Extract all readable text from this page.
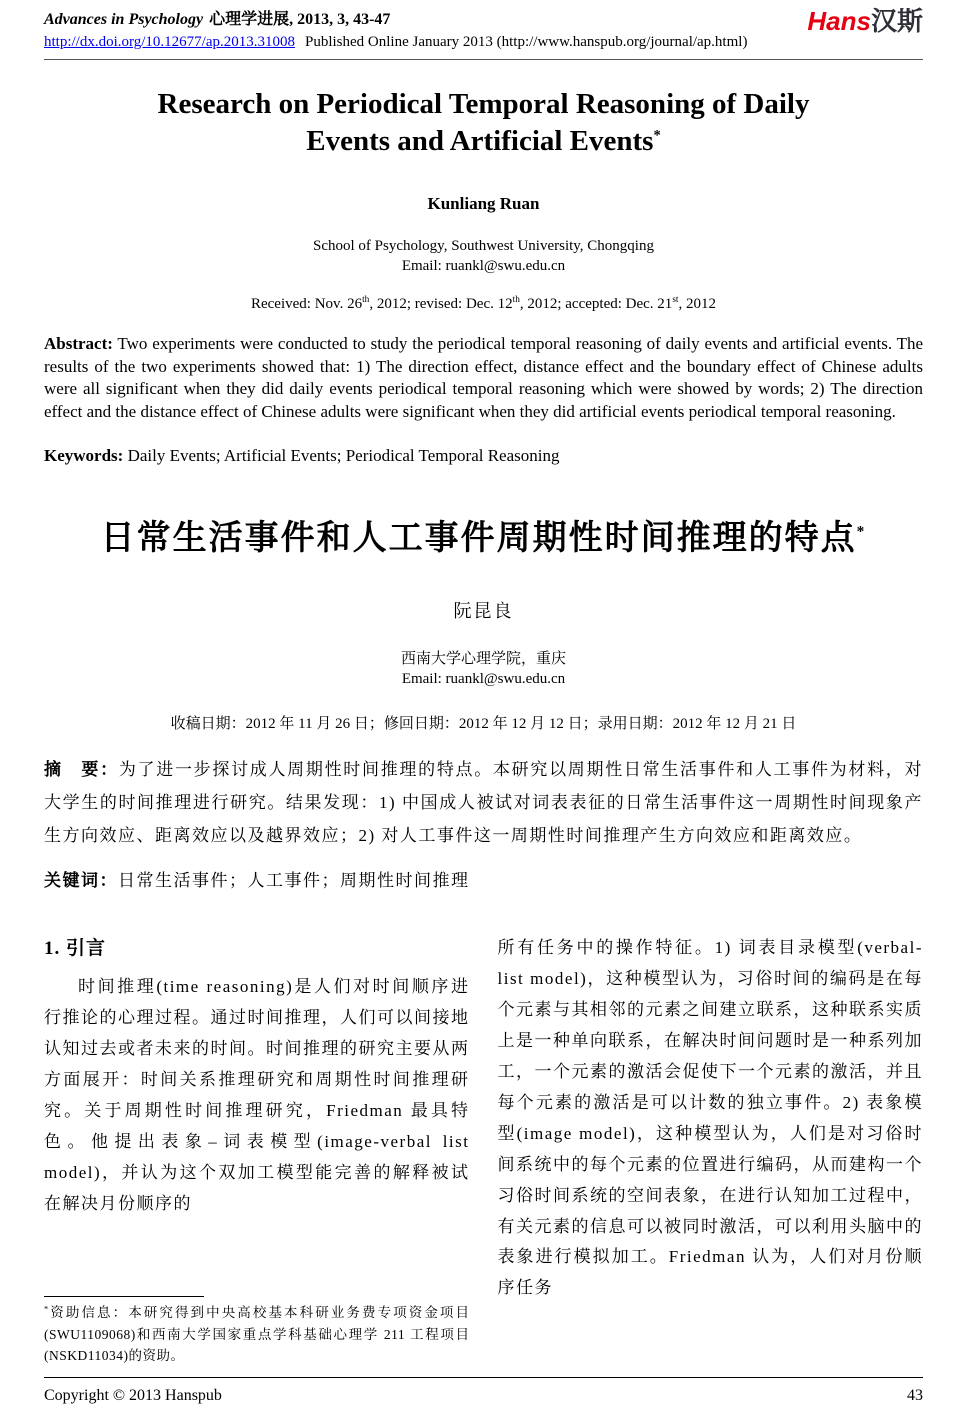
Advances in Psychology 心理学进展, 2013, 3, 43-47
http://dx.doi.org/10.12677/ap.2013.31008 Published Online January 2013 (http://www.hanspub.org/journal/ap.html)
Hans汉斯
Research on Periodical Temporal Reasoning of Daily
Events and Artificial Events*

Kunliang Ruan

School of Psychology, Southwest University, Chongqing

Email: ruankl@swu.edu.cn

Received: Nov. 26th, 2012; revised: Dec. 12th, 2012; accepted: Dec. 21st, 2012

Abstract: Two experiments were conducted to study the periodical temporal reasoning of daily events and artificial events. The results of the two experiments showed that: 1) The direction effect, distance effect and the boundary effect of Chinese adults were all significant when they did daily events periodical temporal reasoning which were showed by words; 2) The direction effect and the distance effect of Chinese adults were significant when they did artificial events periodical temporal reasoning.

Keywords: Daily Events; Artificial Events; Periodical Temporal Reasoning

日常生活事件和人工事件周期性时间推理的特点*

阮昆良

西南大学心理学院，重庆

Email: ruankl@swu.edu.cn

收稿日期：2012 年 11 月 26 日；修回日期：2012 年 12 月 12 日；录用日期：2012 年 12 月 21 日

摘　要：为了进一步探讨成人周期性时间推理的特点。本研究以周期性日常生活事件和人工事件为材料，对大学生的时间推理进行研究。结果发现：1) 中国成人被试对词表表征的日常生活事件这一周期性时间现象产生方向效应、距离效应以及越界效应；2) 对人工事件这一周期性时间推理产生方向效应和距离效应。

关键词：日常生活事件；人工事件；周期性时间推理

1. 引言

时间推理(time reasoning)是人们对时间顺序进行推论的心理过程。通过时间推理，人们可以间接地认知过去或者未来的时间。时间推理的研究主要从两方面展开：时间关系推理研究和周期性时间推理研究。关于周期性时间推理研究，Friedman 最具特色。他提出表象–词表模型(image-verbal list model)，并认为这个双加工模型能完善的解释被试在解决月份顺序的

*资助信息：本研究得到中央高校基本科研业务费专项资金项目(SWU1109068)和西南大学国家重点学科基础心理学 211 工程项目(NSKD11034)的资助。

所有任务中的操作特征。1) 词表目录模型(verbal-list model)，这种模型认为，习俗时间的编码是在每个元素与其相邻的元素之间建立联系，这种联系实质上是一种单向联系，在解决时间问题时是一种系列加工，一个元素的激活会促使下一个元素的激活，并且每个元素的激活是可以计数的独立事件。2) 表象模型(image model)，这种模型认为，人们是对习俗时间系统中的每个元素的位置进行编码，从而建构一个习俗时间系统的空间表象，在进行认知加工过程中，有关元素的信息可以被同时激活，可以利用头脑中的表象进行模拟加工。Friedman 认为，人们对月份顺序任务

Copyright © 2013 Hanspub	43
